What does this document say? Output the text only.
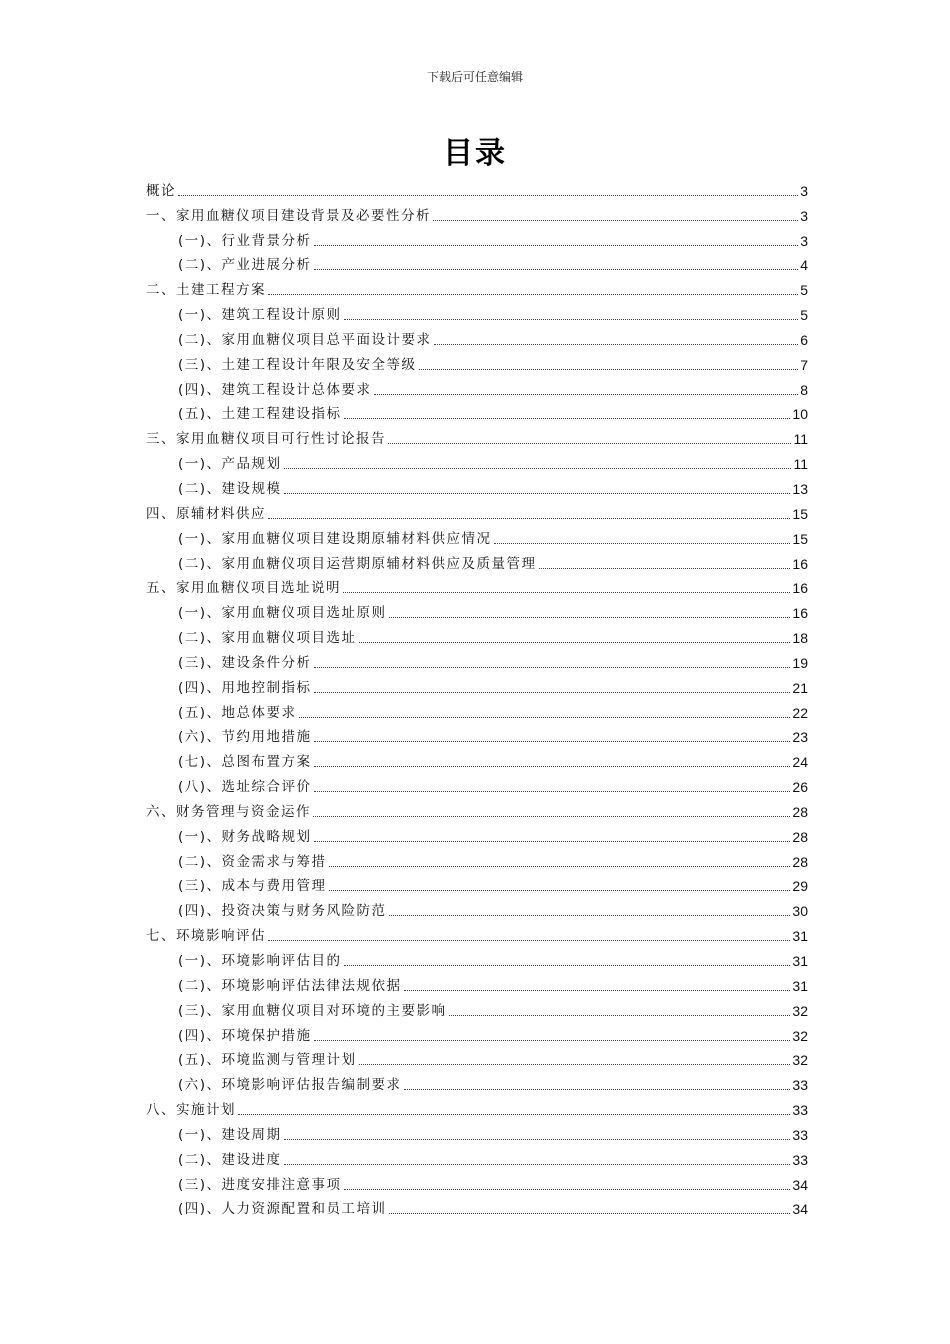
下载后可任意编辑
目录
概论	3
一、家用血糖仪项目建设背景及必要性分析	3
(一)、行业背景分析	3
(二)、产业进展分析	4
二、土建工程方案	5
(一)、建筑工程设计原则	5
(二)、家用血糖仪项目总平面设计要求	6
(三)、土建工程设计年限及安全等级	7
(四)、建筑工程设计总体要求	8
(五)、土建工程建设指标	10
三、家用血糖仪项目可行性讨论报告	11
(一)、产品规划	11
(二)、建设规模	13
四、原辅材料供应	15
(一)、家用血糖仪项目建设期原辅材料供应情况	15
(二)、家用血糖仪项目运营期原辅材料供应及质量管理	16
五、家用血糖仪项目选址说明	16
(一)、家用血糖仪项目选址原则	16
(二)、家用血糖仪项目选址	18
(三)、建设条件分析	19
(四)、用地控制指标	21
(五)、地总体要求	22
(六)、节约用地措施	23
(七)、总图布置方案	24
(八)、选址综合评价	26
六、财务管理与资金运作	28
(一)、财务战略规划	28
(二)、资金需求与筹措	28
(三)、成本与费用管理	29
(四)、投资决策与财务风险防范	30
七、环境影响评估	31
(一)、环境影响评估目的	31
(二)、环境影响评估法律法规依据	31
(三)、家用血糖仪项目对环境的主要影响	32
(四)、环境保护措施	32
(五)、环境监测与管理计划	32
(六)、环境影响评估报告编制要求	33
八、实施计划	33
(一)、建设周期	33
(二)、建设进度	33
(三)、进度安排注意事项	34
(四)、人力资源配置和员工培训	34
